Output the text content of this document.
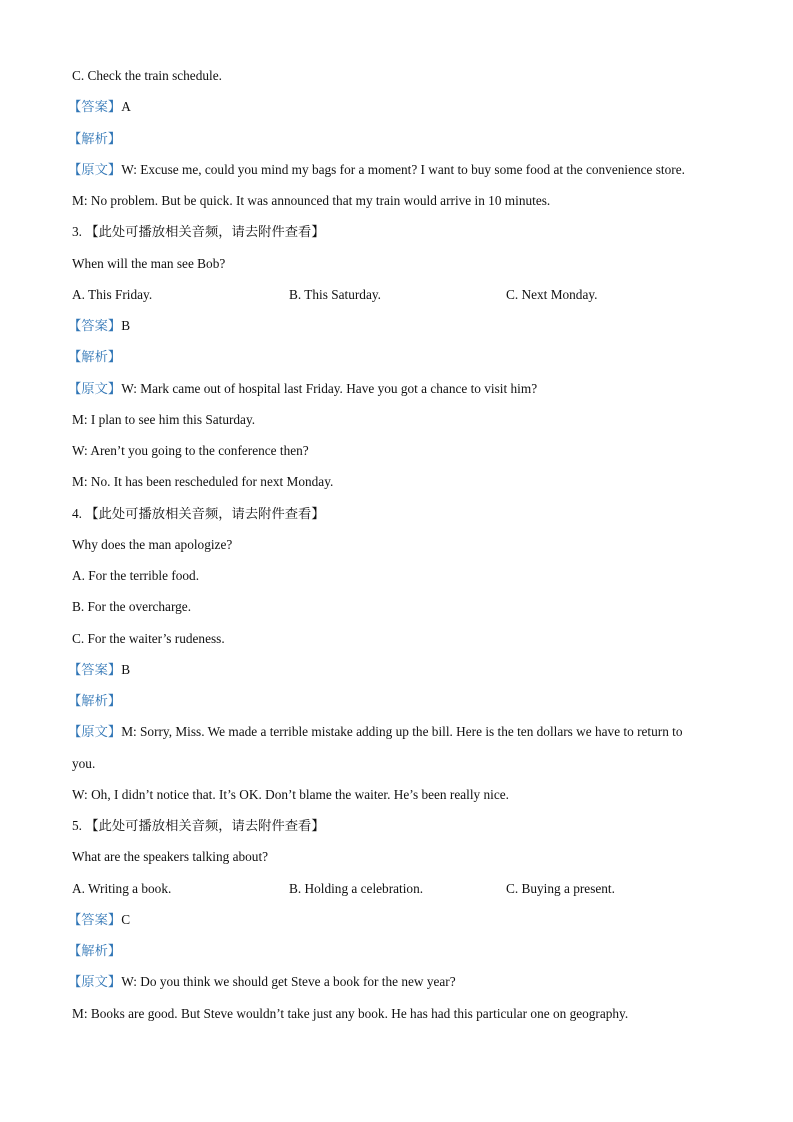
C. Check the train schedule.
【答案】A
【解析】
【原文】W: Excuse me, could you mind my bags for a moment? I want to buy some food at the convenience store.
M: No problem. But be quick. It was announced that my train would arrive in 10 minutes.
3. 【此处可播放相关音频，请去附件查看】
When will the man see Bob?
A. This Friday.	B. This Saturday.	C. Next Monday.
【答案】B
【解析】
【原文】W: Mark came out of hospital last Friday. Have you got a chance to visit him?
M: I plan to see him this Saturday.
W: Aren’t you going to the conference then?
M: No. It has been rescheduled for next Monday.
4. 【此处可播放相关音频，请去附件查看】
Why does the man apologize?
A. For the terrible food.
B. For the overcharge.
C. For the waiter’s rudeness.
【答案】B
【解析】
【原文】M: Sorry, Miss. We made a terrible mistake adding up the bill. Here is the ten dollars we have to return to
you.
W: Oh, I didn’t notice that. It’s OK. Don’t blame the waiter. He’s been really nice.
5. 【此处可播放相关音频，请去附件查看】
What are the speakers talking about?
A. Writing a book.	B. Holding a celebration.	C. Buying a present.
【答案】C
【解析】
【原文】W: Do you think we should get Steve a book for the new year?
M: Books are good. But Steve wouldn’t take just any book. He has had this particular one on geography.
